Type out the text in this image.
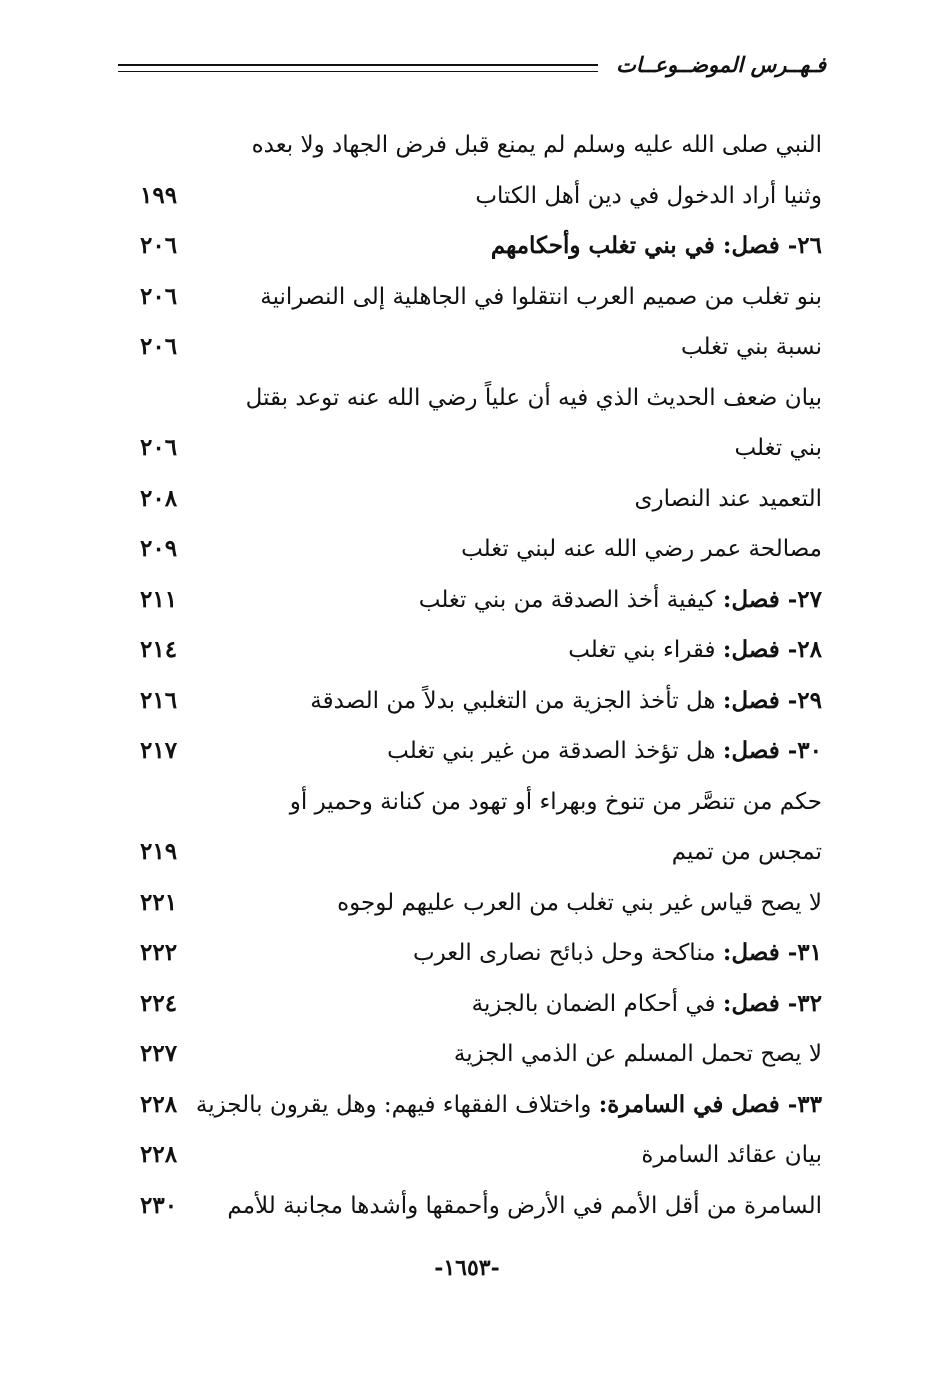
فـهــرس الموضــوعــات
النبي صلى الله عليه وسلم لم يمنع قبل فرض الجهاد ولا بعده
وثنيا أراد الدخول في دين أهل الكتاب
١٩٩
٢٦- فصل: في بني تغلب وأحكامهم
٢٠٦
بنو تغلب من صميم العرب انتقلوا في الجاهلية إلى النصرانية
٢٠٦
نسبة بني تغلب
٢٠٦
بيان ضعف الحديث الذي فيه أن علياً رضي الله عنه توعد بقتل
بني تغلب
٢٠٦
التعميد عند النصارى
٢٠٨
مصالحة عمر رضي الله عنه لبني تغلب
٢٠٩
٢٧- فصل: كيفية أخذ الصدقة من بني تغلب
٢١١
٢٨- فصل: فقراء بني تغلب
٢١٤
٢٩- فصل: هل تأخذ الجزية من التغلبي بدلاً من الصدقة
٢١٦
٣٠- فصل: هل تؤخذ الصدقة من غير بني تغلب
٢١٧
حكم من تنصَّر من تنوخ وبهراء أو تهود من كنانة وحمير أو
تمجس من تميم
٢١٩
لا يصح قياس غير بني تغلب من العرب عليهم لوجوه
٢٢١
٣١- فصل: مناكحة وحل ذبائح نصارى العرب
٢٢٢
٣٢- فصل: في أحكام الضمان بالجزية
٢٢٤
لا يصح تحمل المسلم عن الذمي الجزية
٢٢٧
٣٣- فصل في السامرة: واختلاف الفقهاء فيهم: وهل يقرون بالجزية
٢٢٨
بيان عقائد السامرة
٢٢٨
السامرة من أقل الأمم في الأرض وأحمقها وأشدها مجانبة للأمم
٢٣٠
-١٦٥٣-
